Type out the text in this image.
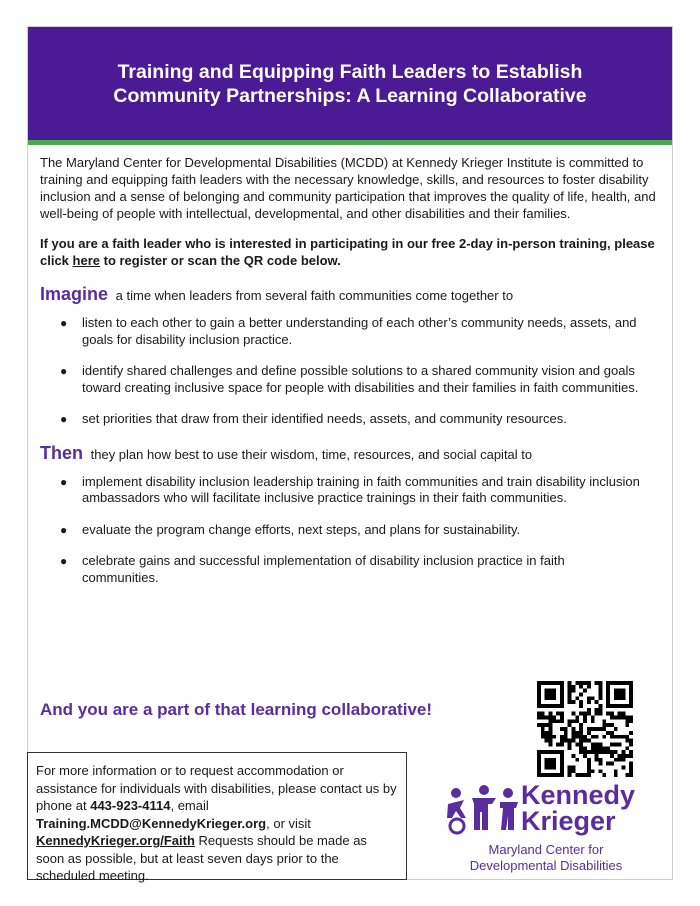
Training and Equipping Faith Leaders to Establish Community Partnerships: A Learning Collaborative

The Maryland Center for Developmental Disabilities (MCDD) at Kennedy Krieger Institute is committed to training and equipping faith leaders with the necessary knowledge, skills, and resources to foster disability inclusion and a sense of belonging and community participation that improves the quality of life, health, and well-being of people with intellectual, developmental, and other disabilities and their families.

If you are a faith leader who is interested in participating in our free 2-day in-person training, please click here to register or scan the QR code below.

Imagine a time when leaders from several faith communities come together to
● listen to each other to gain a better understanding of each other’s community needs, assets, and goals for disability inclusion practice.
● identify shared challenges and define possible solutions to a shared community vision and goals toward creating inclusive space for people with disabilities and their families in faith communities.
● set priorities that draw from their identified needs, assets, and community resources.
Then they plan how best to use their wisdom, time, resources, and social capital to
● implement disability inclusion leadership training in faith communities and train disability inclusion ambassadors who will facilitate inclusive practice trainings in their faith communities.
● evaluate the program change efforts, next steps, and plans for sustainability.
● celebrate gains and successful implementation of disability inclusion practice in faith communities.
And you are a part of that learning collaborative!
For more information or to request accommodation or assistance for individuals with disabilities, please contact us by phone at 443-923-4114, email Training.MCDD@KennedyKrieger.org, or visit KennedyKrieger.org/Faith Requests should be made as soon as possible, but at least seven days prior to the scheduled meeting.
Kennedy
Krieger
Maryland Center for
Developmental Disabilities
